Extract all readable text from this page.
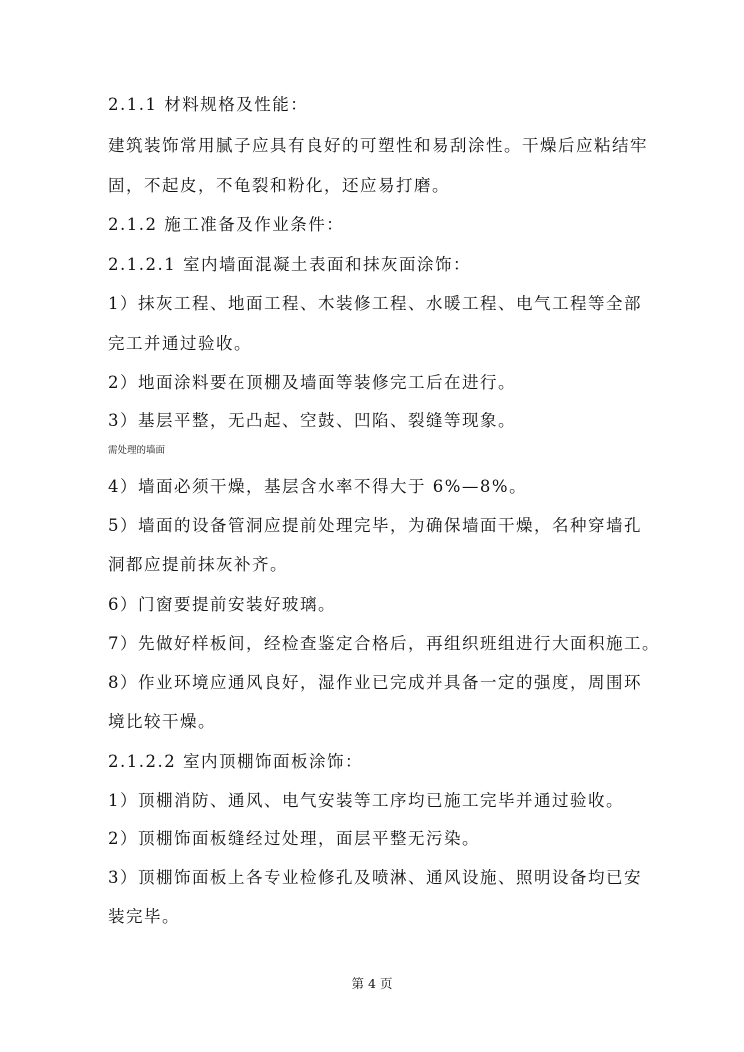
2.1.1 材料规格及性能：
建筑装饰常用腻子应具有良好的可塑性和易刮涂性。干燥后应粘结牢
固，不起皮，不龟裂和粉化，还应易打磨。
2.1.2 施工准备及作业条件：
2.1.2.1 室内墙面混凝土表面和抹灰面涂饰：
1）抹灰工程、地面工程、木装修工程、水暖工程、电气工程等全部
完工并通过验收。
2）地面涂料要在顶棚及墙面等装修完工后在进行。
3）基层平整，无凸起、空鼓、凹陷、裂缝等现象。
需处理的墙面
4）墙面必须干燥，基层含水率不得大于 6%—8%。
5）墙面的设备管洞应提前处理完毕，为确保墙面干燥，名种穿墙孔
洞都应提前抹灰补齐。
6）门窗要提前安装好玻璃。
7）先做好样板间，经检查鉴定合格后，再组织班组进行大面积施工。
8）作业环境应通风良好，湿作业已完成并具备一定的强度，周围环
境比较干燥。
2.1.2.2 室内顶棚饰面板涂饰：
1）顶棚消防、通风、电气安装等工序均已施工完毕并通过验收。
2）顶棚饰面板缝经过处理，面层平整无污染。
3）顶棚饰面板上各专业检修孔及喷淋、通风设施、照明设备均已安
装完毕。
第 4 页
